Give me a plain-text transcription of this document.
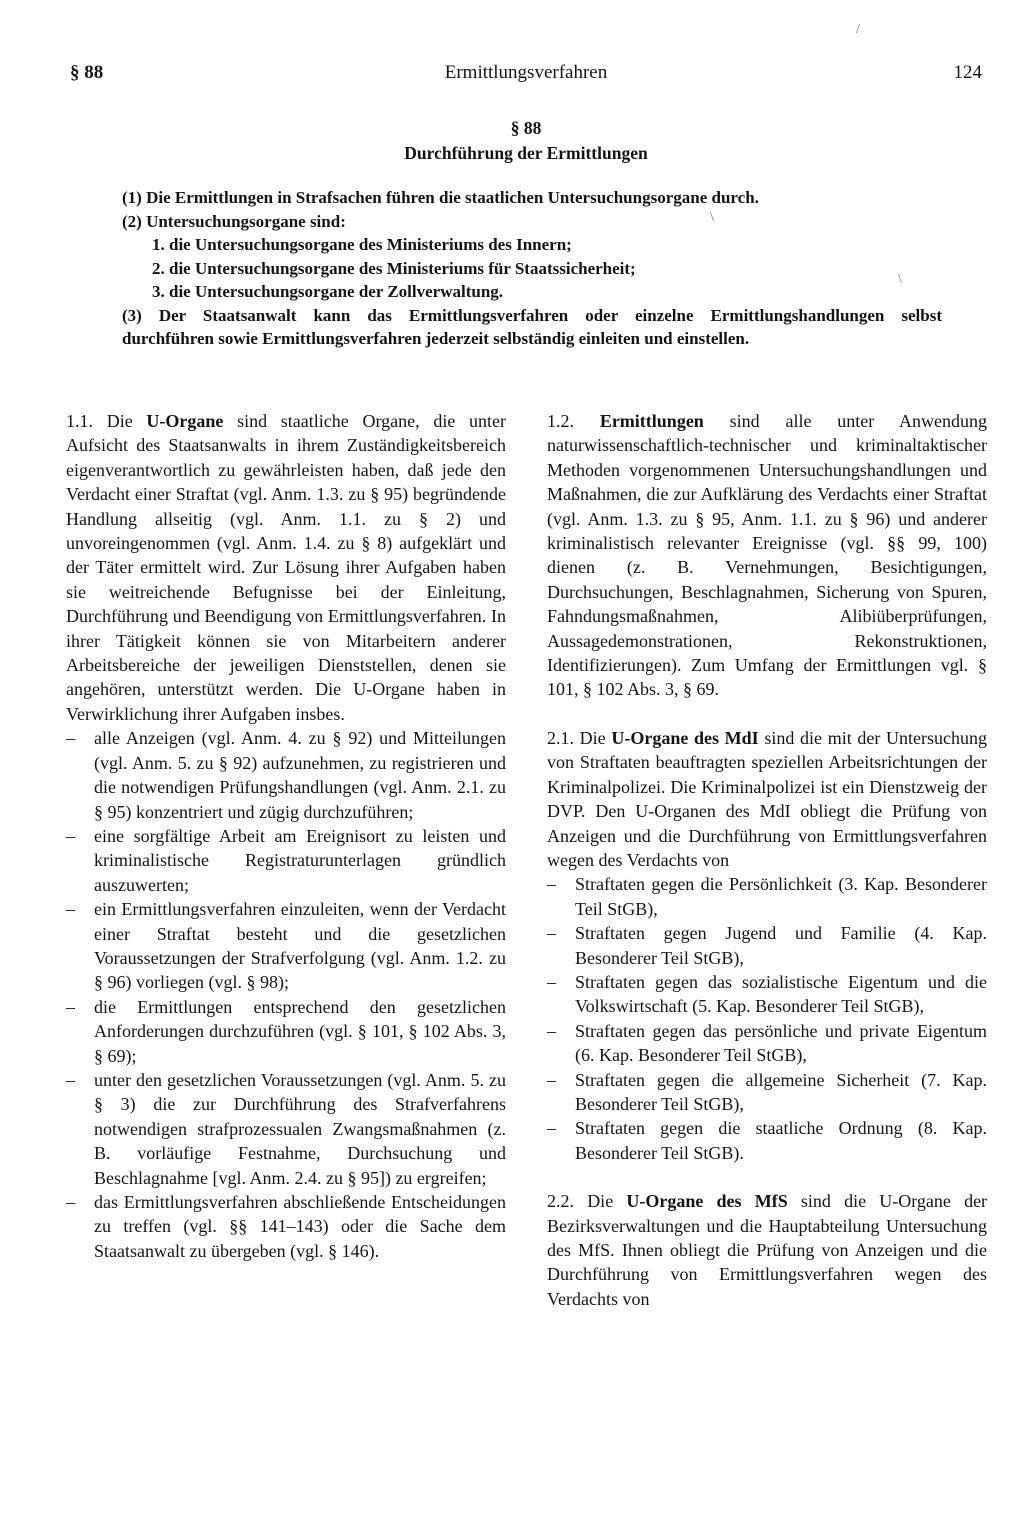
§ 88	Ermittlungsverfahren	124
§ 88
Durchführung der Ermittlungen

(1) Die Ermittlungen in Strafsachen führen die staatlichen Untersuchungsorgane durch.

(2) Untersuchungsorgane sind:

1. die Untersuchungsorgane des Ministeriums des Innern;

2. die Untersuchungsorgane des Ministeriums für Staatssicherheit;

3. die Untersuchungsorgane der Zollverwaltung.

(3) Der Staatsanwalt kann das Ermittlungsverfahren oder einzelne Ermittlungshandlungen selbst

durchführen sowie Ermittlungsverfahren jederzeit selbständig einleiten und einstellen.

1.1. Die U-Organe sind staatliche Organe, die unter Aufsicht des Staatsanwalts in ihrem Zuständigkeitsbereich eigenverantwortlich zu gewährleisten haben, daß jede den Verdacht einer Straftat (vgl. Anm. 1.3. zu § 95) begründende Handlung allseitig (vgl. Anm. 1.1. zu § 2) und unvoreingenommen (vgl. Anm. 1.4. zu § 8) aufgeklärt und der Täter ermittelt wird. Zur Lösung ihrer Aufgaben haben sie weitreichende Befugnisse bei der Einleitung, Durchführung und Beendigung von Ermittlungsverfahren. In ihrer Tätigkeit können sie von Mitarbeitern anderer Arbeitsbereiche der jeweiligen Dienststellen, denen sie angehören, unterstützt werden. Die U-Organe haben in Verwirklichung ihrer Aufgaben insbes.

– alle Anzeigen (vgl. Anm. 4. zu § 92) und Mitteilungen (vgl. Anm. 5. zu § 92) aufzunehmen, zu registrieren und die notwendigen Prüfungshandlungen (vgl. Anm. 2.1. zu § 95) konzentriert und zügig durchzuführen;
– eine sorgfältige Arbeit am Ereignisort zu leisten und kriminalistische Registraturunterlagen gründlich auszuwerten;
– ein Ermittlungsverfahren einzuleiten, wenn der Verdacht einer Straftat besteht und die gesetzlichen Voraussetzungen der Strafverfolgung (vgl. Anm. 1.2. zu § 96) vorliegen (vgl. § 98);
– die Ermittlungen entsprechend den gesetzlichen Anforderungen durchzuführen (vgl. § 101, § 102 Abs. 3, § 69);
– unter den gesetzlichen Voraussetzungen (vgl. Anm. 5. zu § 3) die zur Durchführung des Strafverfahrens notwendigen strafprozessualen Zwangsmaßnahmen (z. B. vorläufige Festnahme, Durchsuchung und Beschlagnahme [vgl. Anm. 2.4. zu § 95]) zu ergreifen;
– das Ermittlungsverfahren abschließende Entscheidungen zu treffen (vgl. §§ 141–143) oder die Sache dem Staatsanwalt zu übergeben (vgl. § 146).

1.2. Ermittlungen sind alle unter Anwendung naturwissenschaftlich-technischer und kriminaltaktischer Methoden vorgenommenen Untersuchungshandlungen und Maßnahmen, die zur Aufklärung des Verdachts einer Straftat (vgl. Anm. 1.3. zu § 95, Anm. 1.1. zu § 96) und anderer kriminalistisch relevanter Ereignisse (vgl. §§ 99, 100) dienen (z. B. Vernehmungen, Besichtigungen, Durchsuchungen, Beschlagnahmen, Sicherung von Spuren, Fahndungsmaßnahmen, Alibiüberprüfungen, Aussagedemonstrationen, Rekonstruktionen, Identifizierungen). Zum Umfang der Ermittlungen vgl. § 101, § 102 Abs. 3, § 69.

2.1. Die U-Organe des MdI sind die mit der Untersuchung von Straftaten beauftragten speziellen Arbeitsrichtungen der Kriminalpolizei. Die Kriminalpolizei ist ein Dienstzweig der DVP. Den U-Organen des MdI obliegt die Prüfung von Anzeigen und die Durchführung von Ermittlungsverfahren wegen des Verdachts von

– Straftaten gegen die Persönlichkeit (3. Kap. Besonderer Teil StGB),
– Straftaten gegen Jugend und Familie (4. Kap. Besonderer Teil StGB),
– Straftaten gegen das sozialistische Eigentum und die Volkswirtschaft (5. Kap. Besonderer Teil StGB),
– Straftaten gegen das persönliche und private Eigentum (6. Kap. Besonderer Teil StGB),
– Straftaten gegen die allgemeine Sicherheit (7. Kap. Besonderer Teil StGB),
– Straftaten gegen die staatliche Ordnung (8. Kap. Besonderer Teil StGB).

2.2. Die U-Organe des MfS sind die U-Organe der Bezirksverwaltungen und die Hauptabteilung Untersuchung des MfS. Ihnen obliegt die Prüfung von Anzeigen und die Durchführung von Ermittlungsverfahren wegen des Verdachts von

/
\
\
